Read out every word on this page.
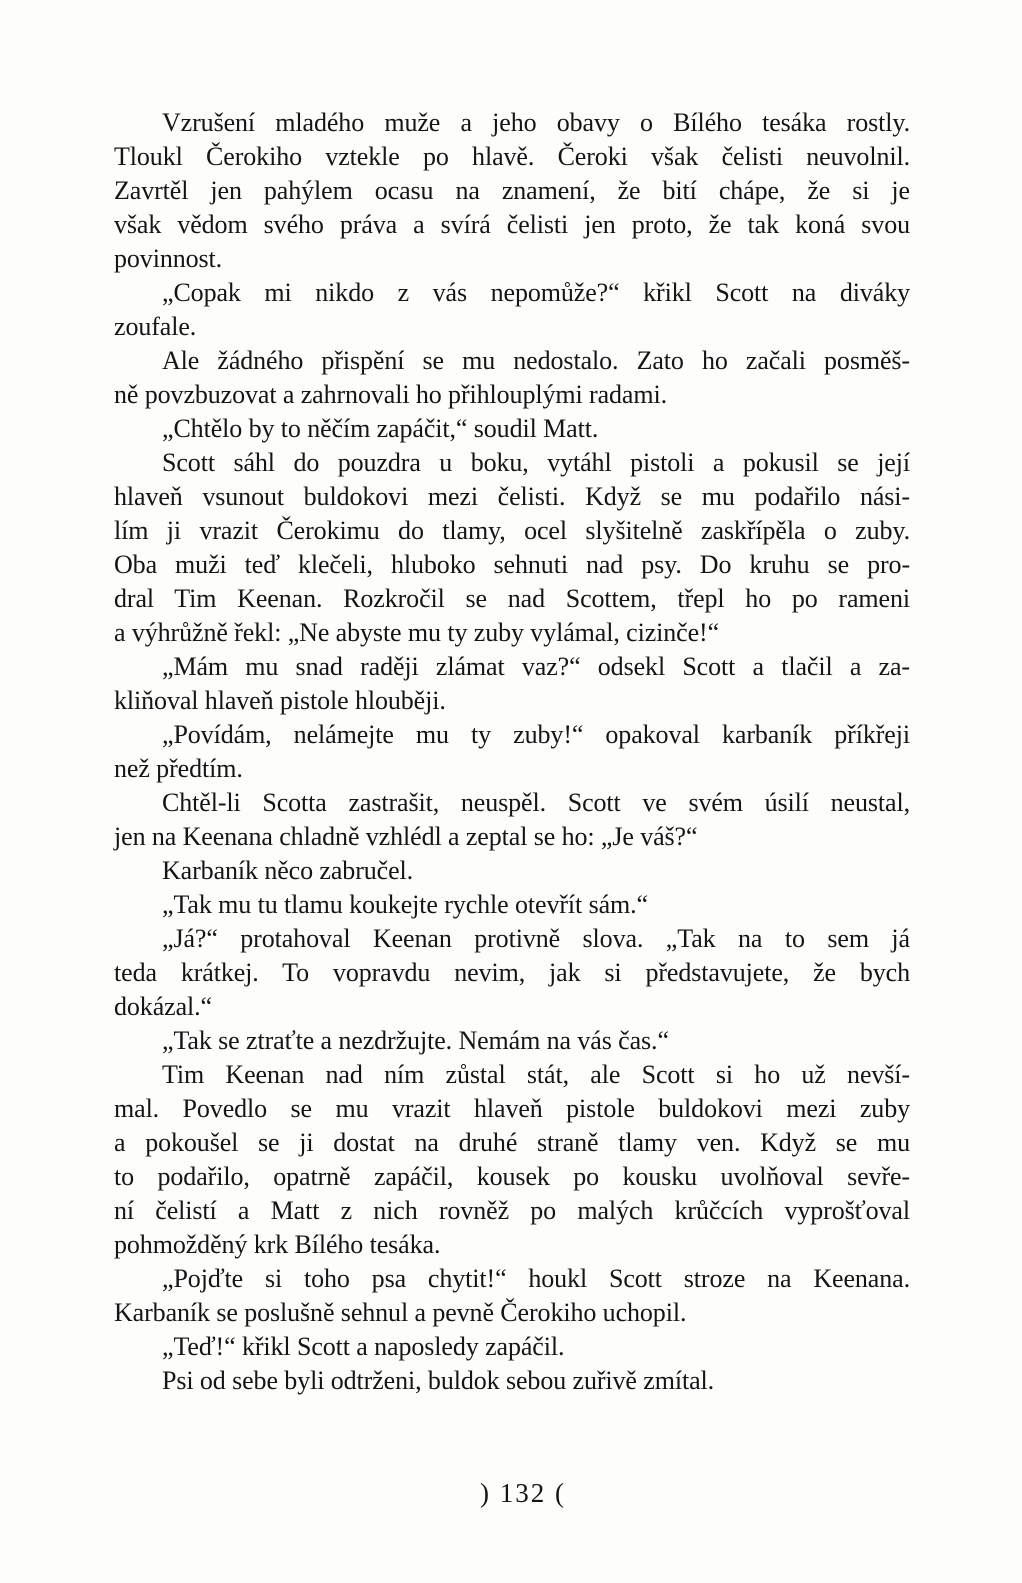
Vzrušení mladého muže a jeho obavy o Bílého tesáka rostly.
Tloukl Čerokiho vztekle po hlavě. Čeroki však čelisti neuvolnil.
Zavrtěl jen pahýlem ocasu na znamení, že bití chápe, že si je
však vědom svého práva a svírá čelisti jen proto, že tak koná svou
povinnost.
„Copak mi nikdo z vás nepomůže?“ křikl Scott na diváky
zoufale.
Ale žádného přispění se mu nedostalo. Zato ho začali posměš-
ně povzbuzovat a zahrnovali ho přihlouplými radami.
„Chtělo by to něčím zapáčit,“ soudil Matt.
Scott sáhl do pouzdra u boku, vytáhl pistoli a pokusil se její
hlaveň vsunout buldokovi mezi čelisti. Když se mu podařilo nási-
lím ji vrazit Čerokimu do tlamy, ocel slyšitelně zaskřípěla o zuby.
Oba muži teď klečeli, hluboko sehnuti nad psy. Do kruhu se pro-
dral Tim Keenan. Rozkročil se nad Scottem, třepl ho po rameni
a výhrůžně řekl: „Ne abyste mu ty zuby vylámal, cizinče!“
„Mám mu snad raději zlámat vaz?“ odsekl Scott a tlačil a za-
kliňoval hlaveň pistole hlouběji.
„Povídám, nelámejte mu ty zuby!“ opakoval karbaník příkřeji
než předtím.
Chtěl-li Scotta zastrašit, neuspěl. Scott ve svém úsilí neustal,
jen na Keenana chladně vzhlédl a zeptal se ho: „Je váš?“
Karbaník něco zabručel.
„Tak mu tu tlamu koukejte rychle otevřít sám.“
„Já?“ protahoval Keenan protivně slova. „Tak na to sem já
teda krátkej. To vopravdu nevim, jak si představujete, že bych
dokázal.“
„Tak se ztraťte a nezdržujte. Nemám na vás čas.“
Tim Keenan nad ním zůstal stát, ale Scott si ho už nevší-
mal. Povedlo se mu vrazit hlaveň pistole buldokovi mezi zuby
a pokoušel se ji dostat na druhé straně tlamy ven. Když se mu
to podařilo, opatrně zapáčil, kousek po kousku uvolňoval sevře-
ní čelistí a Matt z nich rovněž po malých krůčcích vyprošťoval
pohmožděný krk Bílého tesáka.
„Pojďte si toho psa chytit!“ houkl Scott stroze na Keenana.
Karbaník se poslušně sehnul a pevně Čerokiho uchopil.
„Teď!“ křikl Scott a naposledy zapáčil.
Psi od sebe byli odtrženi, buldok sebou zuřivě zmítal.
) 132 (
